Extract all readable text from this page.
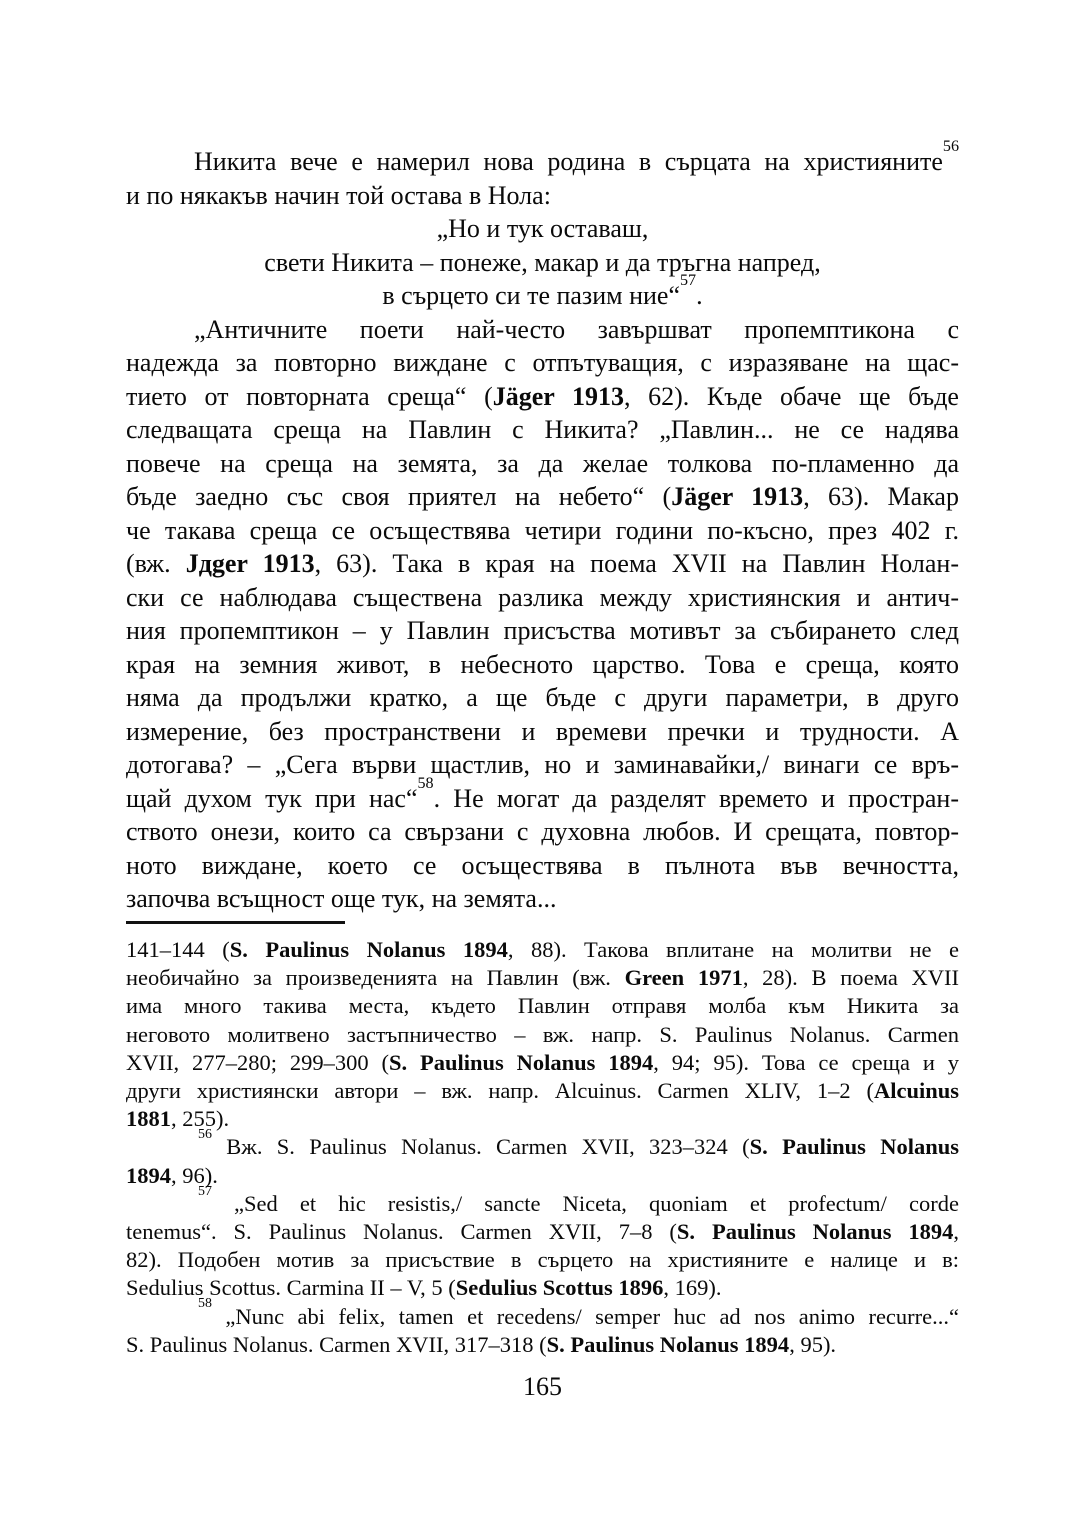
Никита вече е намерил нова родина в сърцата на християните$^{56}$
и по някакъв начин той остава в Нола:
„Но и тук оставаш,
свети Никита – понеже, макар и да тръгна напред,
в сърцето си те пазим ние“$^{57}$.
„Античните поети най-често завършват пропемптикона с
надежда за повторно виждане с отпътуващия, с изразяване на щас-
тието от повторната среща“ (Jäger 1913, 62). Къде обаче ще бъде
следващата среща на Павлин с Никита? „Павлин... не се надява
повече на среща на земята, за да желае толкова по-пламенно да
бъде заедно със своя приятел на небето“ (Jäger 1913, 63). Макар
че такава среща се осъществява четири години по-късно, през 402 г.
(вж. Jдger 1913, 63). Така в края на поема XVII на Павлин Нолан-
ски се наблюдава съществена разлика между християнския и антич-
ния пропемптикон – у Павлин присъства мотивът за събирането след
края на земния живот, в небесното царство. Това е среща, която
няма да продължи кратко, а ще бъде с други параметри, в друго
измерение, без пространствени и времеви пречки и трудности. А
дотогава? – „Сега върви щастлив, но и заминавайки,/ винаги се връ-
щай духом тук при нас“$^{58}$. Не могат да разделят времето и простран-
ството онези, които са свързани с духовна любов. И срещата, повтор-
ното виждане, което се осъществява в пълнота във вечността,
започва всъщност още тук, на земята...
141–144 (S. Paulinus Nolanus 1894, 88). Такова вплитане на молитви не е
необичайно за произведенията на Павлин (вж. Green 1971, 28). В поема XVII
има много такива места, където Павлин отправя молба към Никита за
неговото молитвено застъпничество – вж. напр. S. Paulinus Nolanus. Carmen
XVII, 277–280; 299–300 (S. Paulinus Nolanus 1894, 94; 95). Това се среща и у
други християнски автори – вж. напр. Alcuinus. Carmen XLIV, 1–2 (Alcuinus
1881, 255).
$^{56}$ Вж. S. Paulinus Nolanus. Carmen XVII, 323–324 (S. Paulinus Nolanus
1894, 96).
$^{57}$ „Sed et hic resistis,/ sancte Niceta, quoniam et profectum/ corde
tenemus“. S. Paulinus Nolanus. Carmen XVII, 7–8 (S. Paulinus Nolanus 1894,
82). Подобен мотив за присъствие в сърцето на християните е налице и в:
Sedulius Scottus. Carmina II – V, 5 (Sedulius Scottus 1896, 169).
$^{58}$ „Nunc abi felix, tamen et recedens/ semper huc ad nos animo recurre...“
S. Paulinus Nolanus. Carmen XVII, 317–318 (S. Paulinus Nolanus 1894, 95).
165
